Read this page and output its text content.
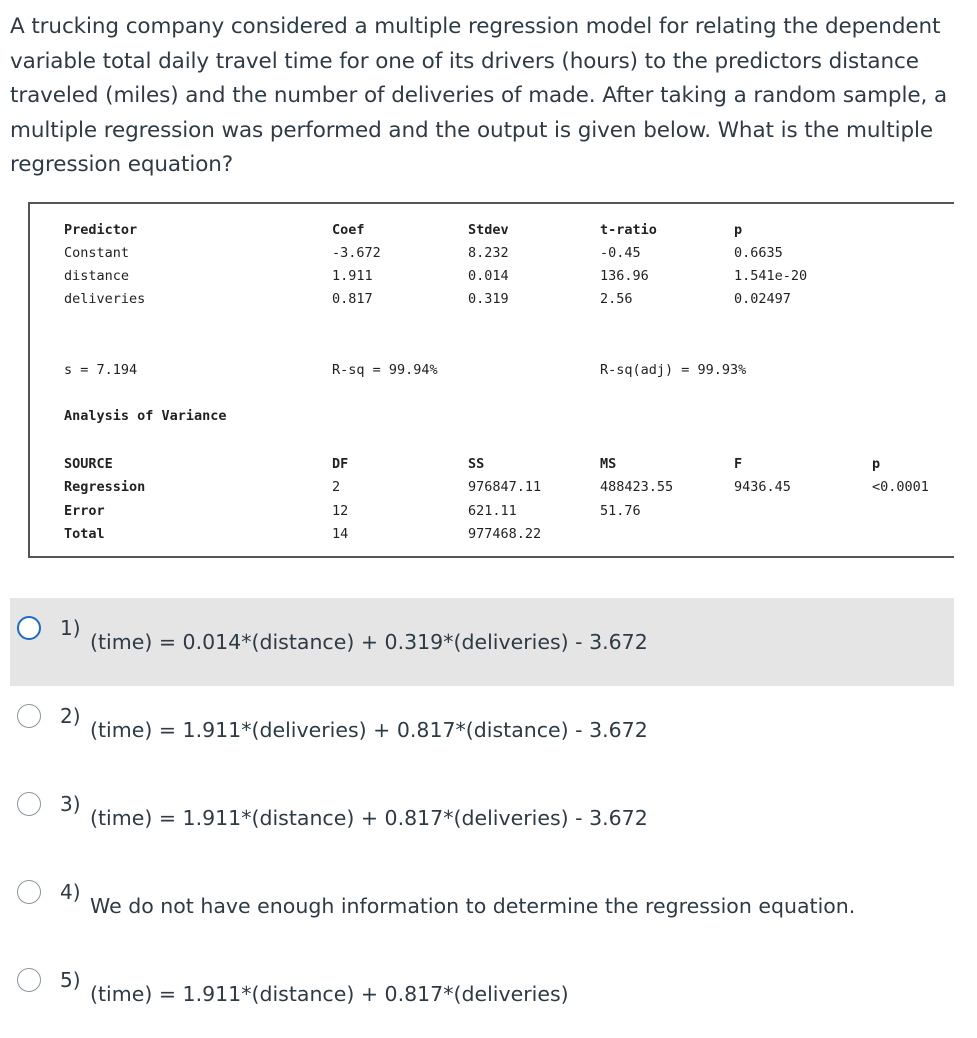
A trucking company considered a multiple regression model for relating the dependent variable total daily travel time for one of its drivers (hours) to the predictors distance traveled (miles) and the number of deliveries of made. After taking a random sample, a multiple regression was performed and the output is given below. What is the multiple regression equation?
Predictor	Coef	Stdev	t-ratio	p
Constant	-3.672	8.232	-0.45	0.6635
distance	1.911	0.014	136.96	1.541e-20
deliveries	0.817	0.319	2.56	0.02497
s = 7.194	R-sq = 99.94%	R-sq(adj) = 99.93%
Analysis of Variance
SOURCE	DF	SS	MS	F	p
Regression	2	976847.11	488423.55	9436.45	<0.0001
Error	12	621.11	51.76
Total	14	977468.22
1)
(time) = 0.014*(distance) + 0.319*(deliveries) - 3.672
2)
(time) = 1.911*(deliveries) + 0.817*(distance) - 3.672
3)
(time) = 1.911*(distance) + 0.817*(deliveries) - 3.672
4)
We do not have enough information to determine the regression equation.
5)
(time) = 1.911*(distance) + 0.817*(deliveries)
